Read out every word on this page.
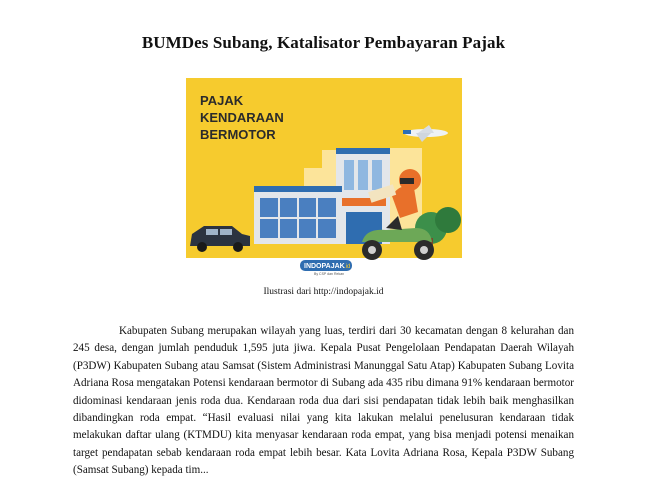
BUMDes Subang, Katalisator Pembayaran Pajak
PAJAK
KENDARAAN
BERMOTOR
INDOPAJAK .id
By CSP dan Rekan
Ilustrasi dari http://indopajak.id

Kabupaten Subang merupakan wilayah yang luas, terdiri dari 30 kecamatan dengan 8 kelurahan dan 245 desa, dengan jumlah penduduk 1,595 juta jiwa. Kepala Pusat Pengelolaan Pendapatan Daerah Wilayah (P3DW) Kabupaten Subang atau Samsat (Sistem Administrasi Manunggal Satu Atap) Kabupaten Subang Lovita Adriana Rosa mengatakan Potensi kendaraan bermotor di Subang ada 435 ribu dimana 91% kendaraan bermotor didominasi kendaraan jenis roda dua. Kendaraan roda dua dari sisi pendapatan tidak lebih baik menghasilkan dibandingkan roda empat. “Hasil evaluasi nilai yang kita lakukan melalui penelusuran kendaraan tidak melakukan daftar ulang (KTMDU) kita menyasar kendaraan roda empat, yang bisa menjadi potensi menaikan target pendapatan sebab kendaraan roda empat lebih besar. Kata Lovita Adriana Rosa, Kepala P3DW Subang (Samsat Subang) kepada tim...
